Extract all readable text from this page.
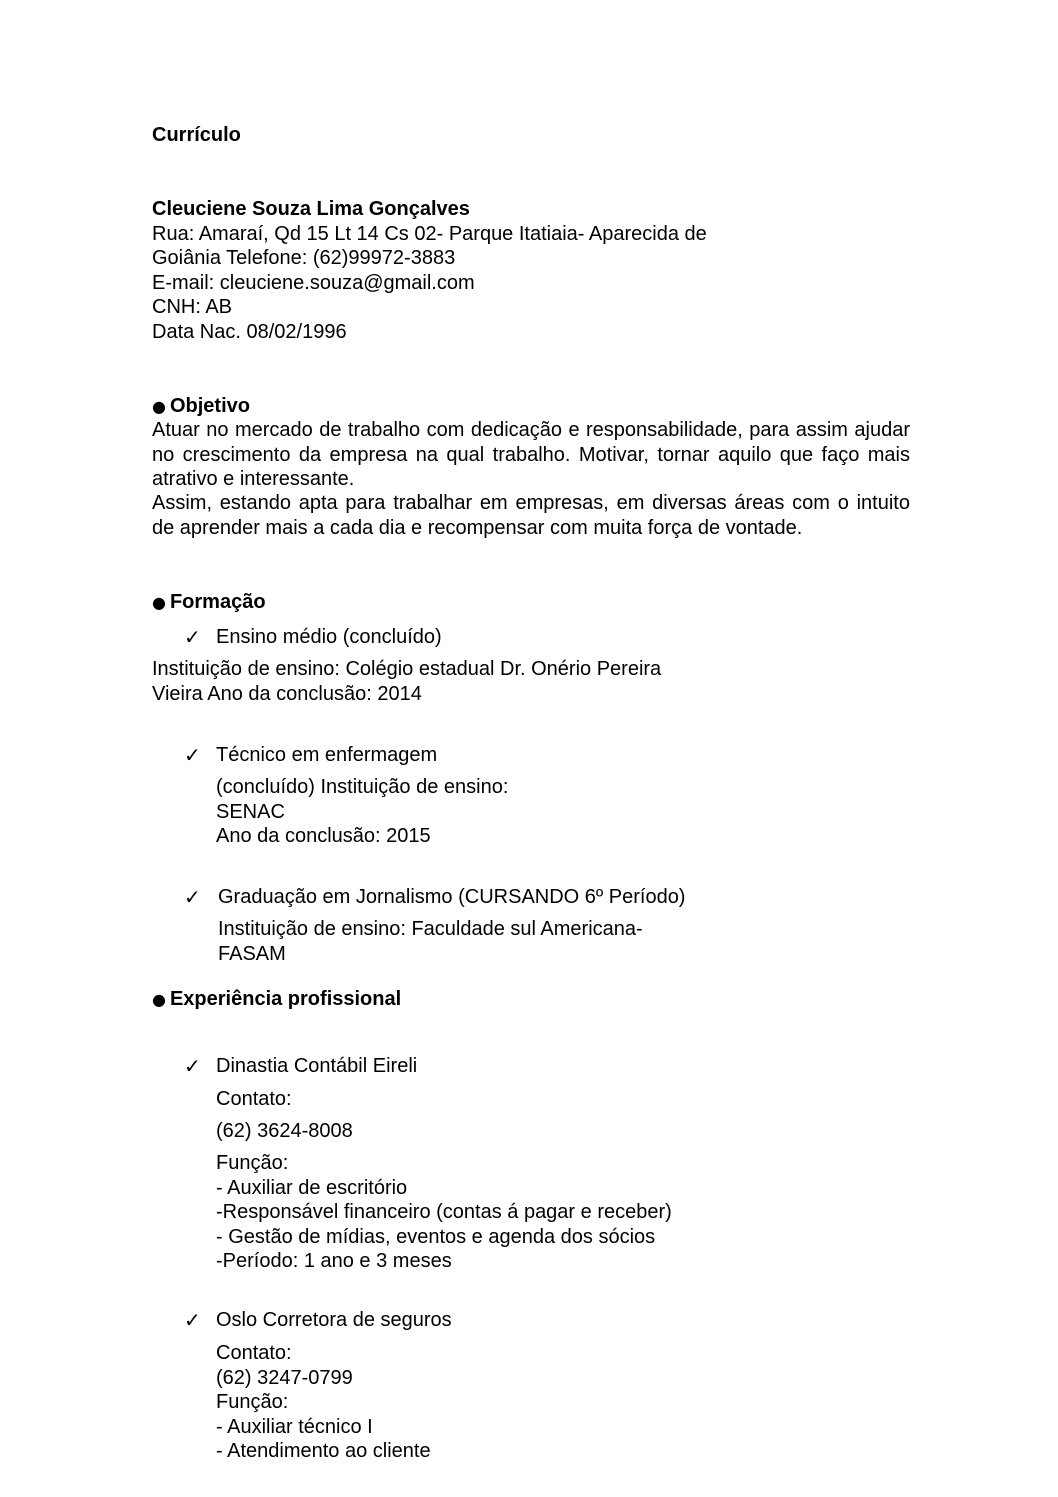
Currículo
Cleuciene Souza Lima Gonçalves
Rua: Amaraí, Qd 15 Lt 14 Cs 02- Parque Itatiaia- Aparecida de
Goiânia Telefone: (62)99972-3883
E-mail: cleuciene.souza@gmail.com
CNH: AB
Data Nac. 08/02/1996
● Objetivo
Atuar no mercado de trabalho com dedicação e responsabilidade, para assim ajudar no crescimento da empresa na qual trabalho. Motivar, tornar aquilo que faço mais atrativo e interessante.
Assim, estando apta para trabalhar em empresas, em diversas áreas com o intuito de aprender mais a cada dia e recompensar com muita força de vontade.
● Formação
✓ Ensino médio (concluído)
Instituição de ensino: Colégio estadual Dr. Onério Pereira
Vieira Ano da conclusão: 2014
✓ Técnico em enfermagem
(concluído) Instituição de ensino:
SENAC
Ano da conclusão: 2015
✓ Graduação em Jornalismo (CURSANDO 6º Período)
Instituição de ensino: Faculdade sul Americana-
FASAM
● Experiência profissional
✓ Dinastia Contábil Eireli
Contato:
(62) 3624-8008
Função:
- Auxiliar de escritório
-Responsável financeiro (contas á pagar e receber)
- Gestão de mídias, eventos e agenda dos sócios
-Período: 1 ano e 3 meses
✓ Oslo Corretora de seguros
Contato:
(62) 3247-0799
Função:
- Auxiliar técnico I
- Atendimento ao cliente
